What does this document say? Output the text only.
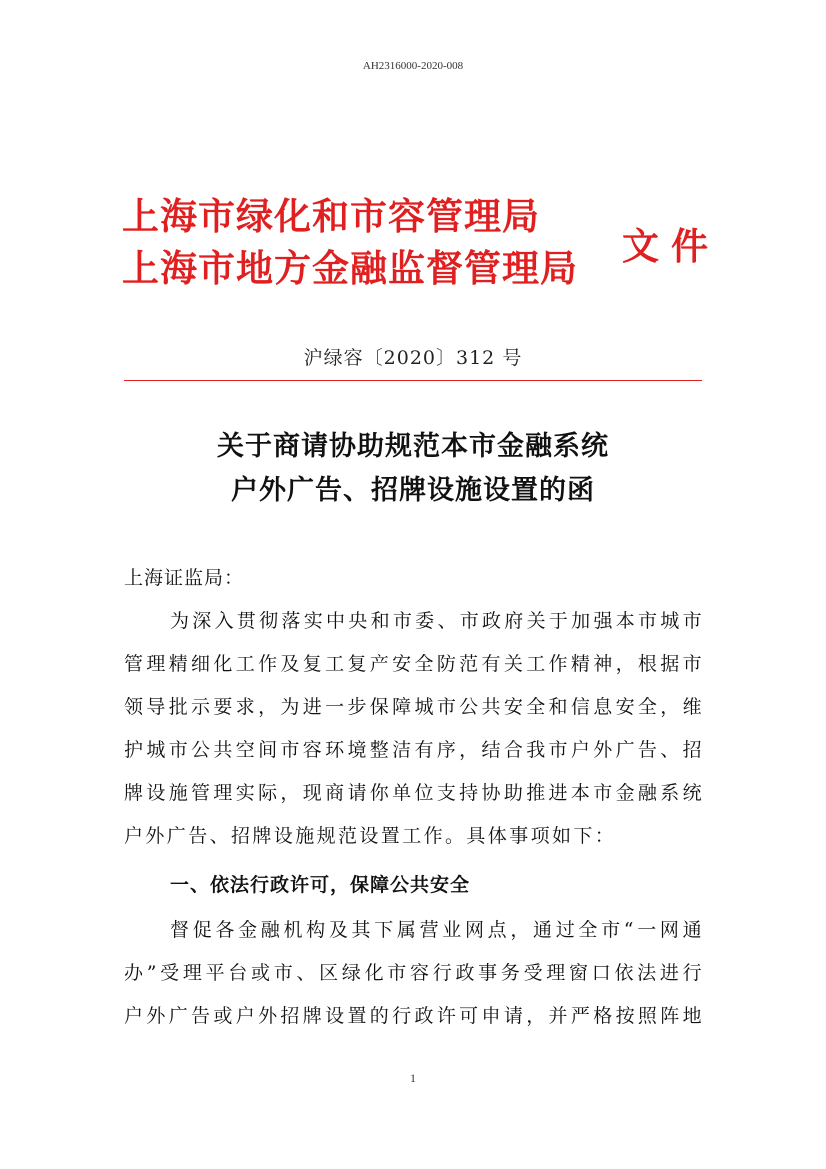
AH2316000-2020-008
上海市绿化和市容管理局
上海市地方金融监督管理局	文件
沪绿容〔2020〕312 号
关于商请协助规范本市金融系统
户外广告、招牌设施设置的函
上海证监局：
为深入贯彻落实中央和市委、市政府关于加强本市城市
管理精细化工作及复工复产安全防范有关工作精神，根据市
领导批示要求，为进一步保障城市公共安全和信息安全，维
护城市公共空间市容环境整洁有序，结合我市户外广告、招
牌设施管理实际，现商请你单位支持协助推进本市金融系统
户外广告、招牌设施规范设置工作。具体事项如下：
一、依法行政许可，保障公共安全
督促各金融机构及其下属营业网点，通过全市“一网通
办”受理平台或市、区绿化市容行政事务受理窗口依法进行
户外广告或户外招牌设置的行政许可申请，并严格按照阵地
1
